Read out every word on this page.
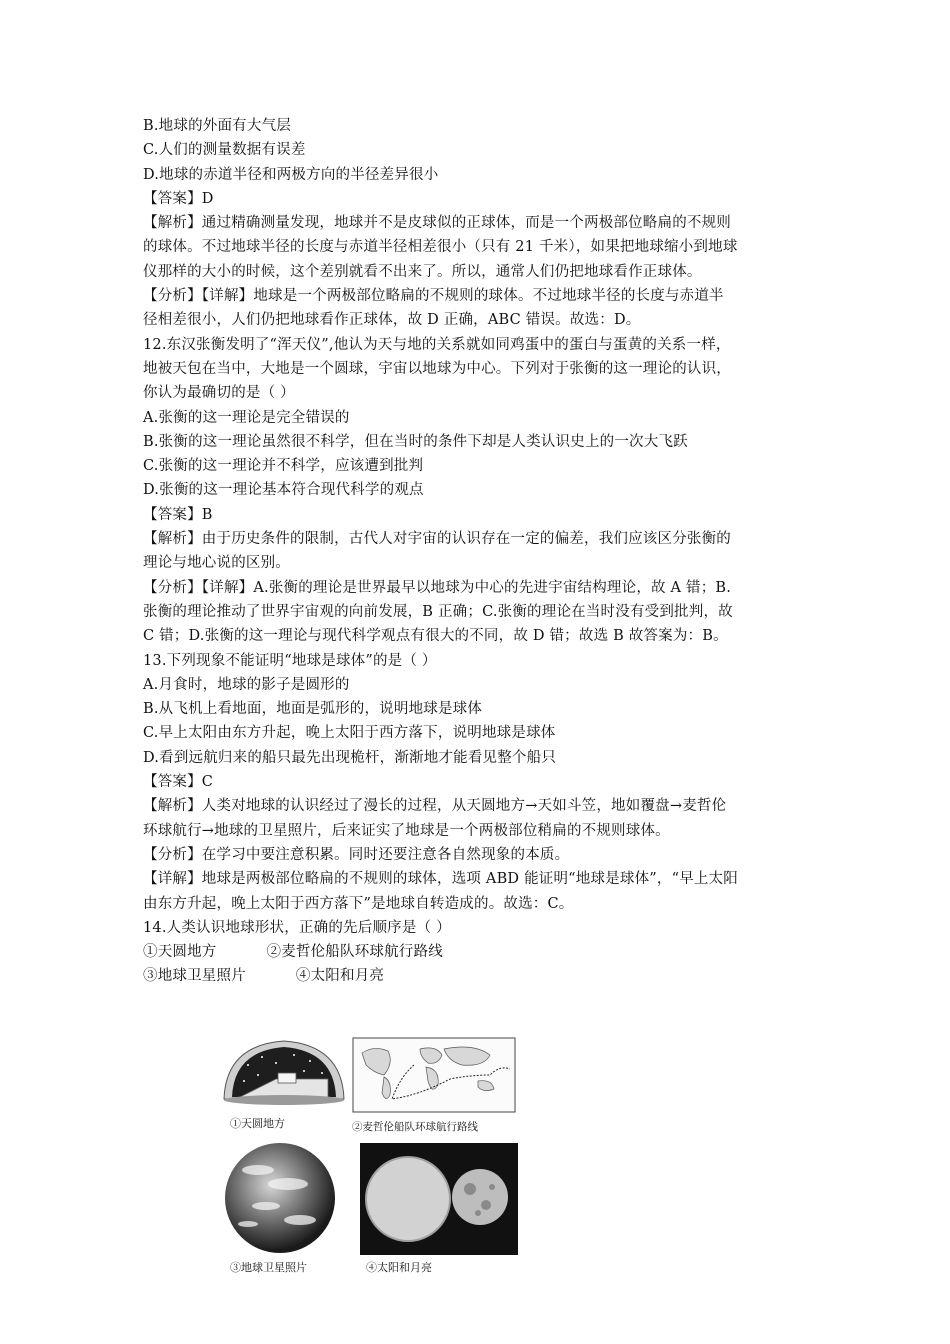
B.地球的外面有大气层
C.人们的测量数据有误差
D.地球的赤道半径和两极方向的半径差异很小
【答案】D
【解析】通过精确测量发现，地球并不是皮球似的正球体，而是一个两极部位略扁的不规则
的球体。不过地球半径的长度与赤道半径相差很小（只有 21 千米），如果把地球缩小到地球
仪那样的大小的时候，这个差别就看不出来了。所以，通常人们仍把地球看作正球体。
【分析】【详解】地球是一个两极部位略扁的不规则的球体。不过地球半径的长度与赤道半
径相差很小，人们仍把地球看作正球体，故 D 正确，ABC 错误。故选：D。
12.东汉张衡发明了“浑天仪”,他认为天与地的关系就如同鸡蛋中的蛋白与蛋黄的关系一样，
地被天包在当中，大地是一个圆球，宇宙以地球为中心。下列对于张衡的这一理论的认识，
你认为最确切的是（ ）
A.张衡的这一理论是完全错误的
B.张衡的这一理论虽然很不科学，但在当时的条件下却是人类认识史上的一次大飞跃
C.张衡的这一理论并不科学，应该遭到批判
D.张衡的这一理论基本符合现代科学的观点
【答案】B
【解析】由于历史条件的限制，古代人对宇宙的认识存在一定的偏差，我们应该区分张衡的
理论与地心说的区别。
【分析】【详解】A.张衡的理论是世界最早以地球为中心的先进宇宙结构理论，故 A 错；B.
张衡的理论推动了世界宇宙观的向前发展，B 正确；C.张衡的理论在当时没有受到批判，故
C 错；D.张衡的这一理论与现代科学观点有很大的不同，故 D 错；故选 B 故答案为：B。
13.下列现象不能证明“地球是球体”的是（ ）
A.月食时，地球的影子是圆形的
B.从飞机上看地面，地面是弧形的，说明地球是球体
C.早上太阳由东方升起，晚上太阳于西方落下，说明地球是球体
D.看到远航归来的船只最先出现桅杆，渐渐地才能看见整个船只
【答案】C
【解析】人类对地球的认识经过了漫长的过程，从天圆地方→天如斗笠，地如覆盘→麦哲伦
环球航行→地球的卫星照片，后来证实了地球是一个两极部位稍扁的不规则球体。
【分析】在学习中要注意积累。同时还要注意各自然现象的本质。
【详解】地球是两极部位略扁的不规则的球体，选项 ABD 能证明“地球是球体”，“早上太阳
由东方升起，晚上太阳于西方落下”是地球自转造成的。故选：C。
14.人类认识地球形状，正确的先后顺序是（ ）
①天圆地方	②麦哲伦船队环球航行路线
③地球卫星照片	④太阳和月亮
①天圆地方	②麦哲伦船队环球航行路线
③地球卫星照片	④太阳和月亮
